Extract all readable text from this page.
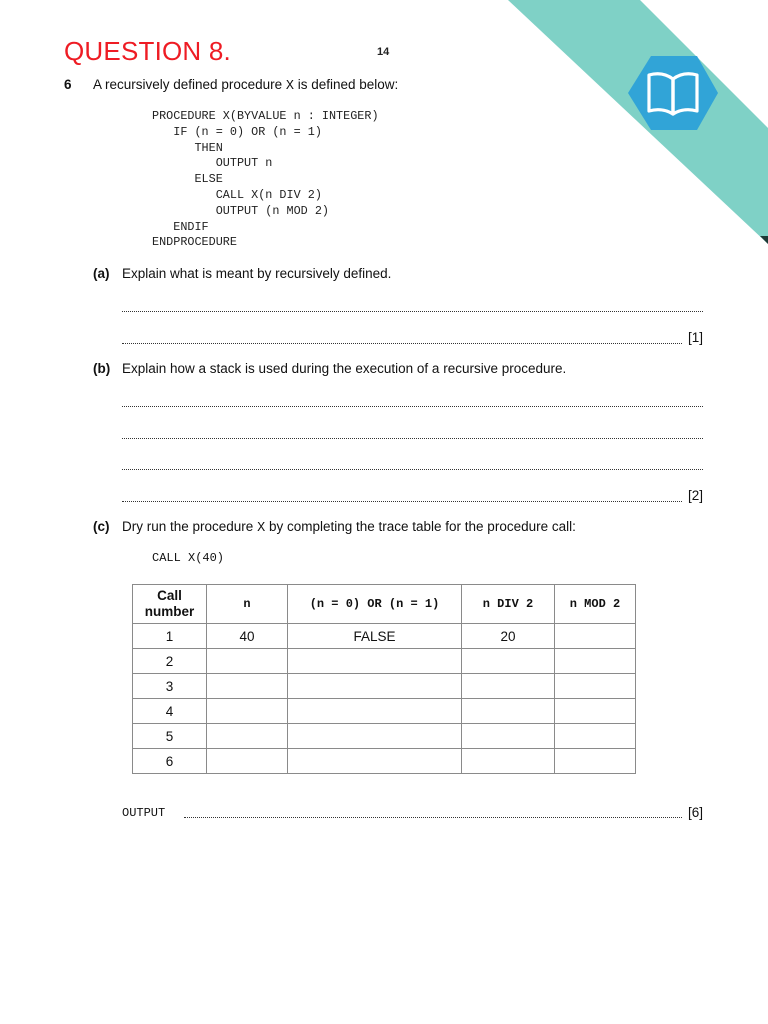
QUESTION 8.	14
6 A recursively defined procedure X is defined below:
PROCEDURE X(BYVALUE n : INTEGER)
IF (n = 0) OR (n = 1)
THEN
OUTPUT n
ELSE
CALL X(n DIV 2)
OUTPUT (n MOD 2)
ENDIF
ENDPROCEDURE
(a) Explain what is meant by recursively defined.
[1]
(b) Explain how a stack is used during the execution of a recursive procedure.
[2]
(c) Dry run the procedure X by completing the trace table for the procedure call:
CALL X(40)
Call
number	n	(n = 0) OR (n = 1)	n DIV 2	n MOD 2
1	40	FALSE	20	
2				
3				
4				
5				
6				
OUTPUT	[6]
